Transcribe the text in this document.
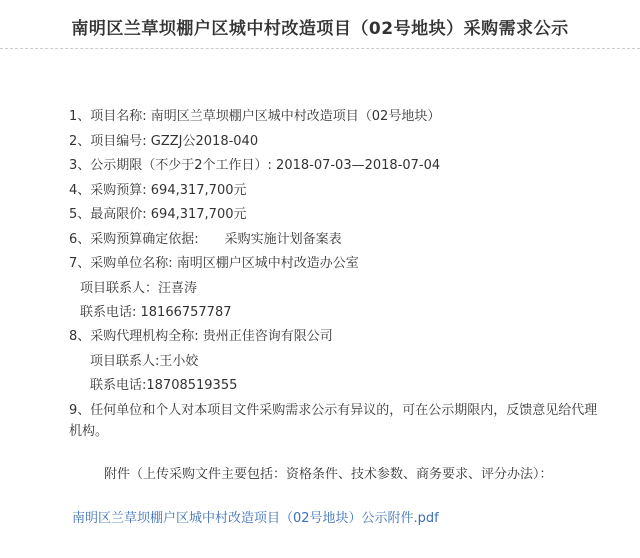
南明区兰草坝棚户区城中村改造项目（02号地块）采购需求公示
1、项目名称: 南明区兰草坝棚户区城中村改造项目（02号地块）
2、项目编号: GZZJ公2018-040
3、公示期限（不少于2个工作日）: 2018-07-03—2018-07-04
4、采购预算: 694,317,700元
5、最高限价: 694,317,700元
6、采购预算确定依据: 采购实施计划备案表
7、采购单位名称: 南明区棚户区城中村改造办公室
项目联系人：汪喜涛
联系电话: 18166757787
8、采购代理机构全称: 贵州正佳咨询有限公司
项目联系人:王小姣
联系电话:18708519355
9、任何单位和个人对本项目文件采购需求公示有异议的，可在公示期限内，反馈意见给代理机构。
附件（上传采购文件主要包括：资格条件、技术参数、商务要求、评分办法）：
南明区兰草坝棚户区城中村改造项目（02号地块）公示附件.pdf
